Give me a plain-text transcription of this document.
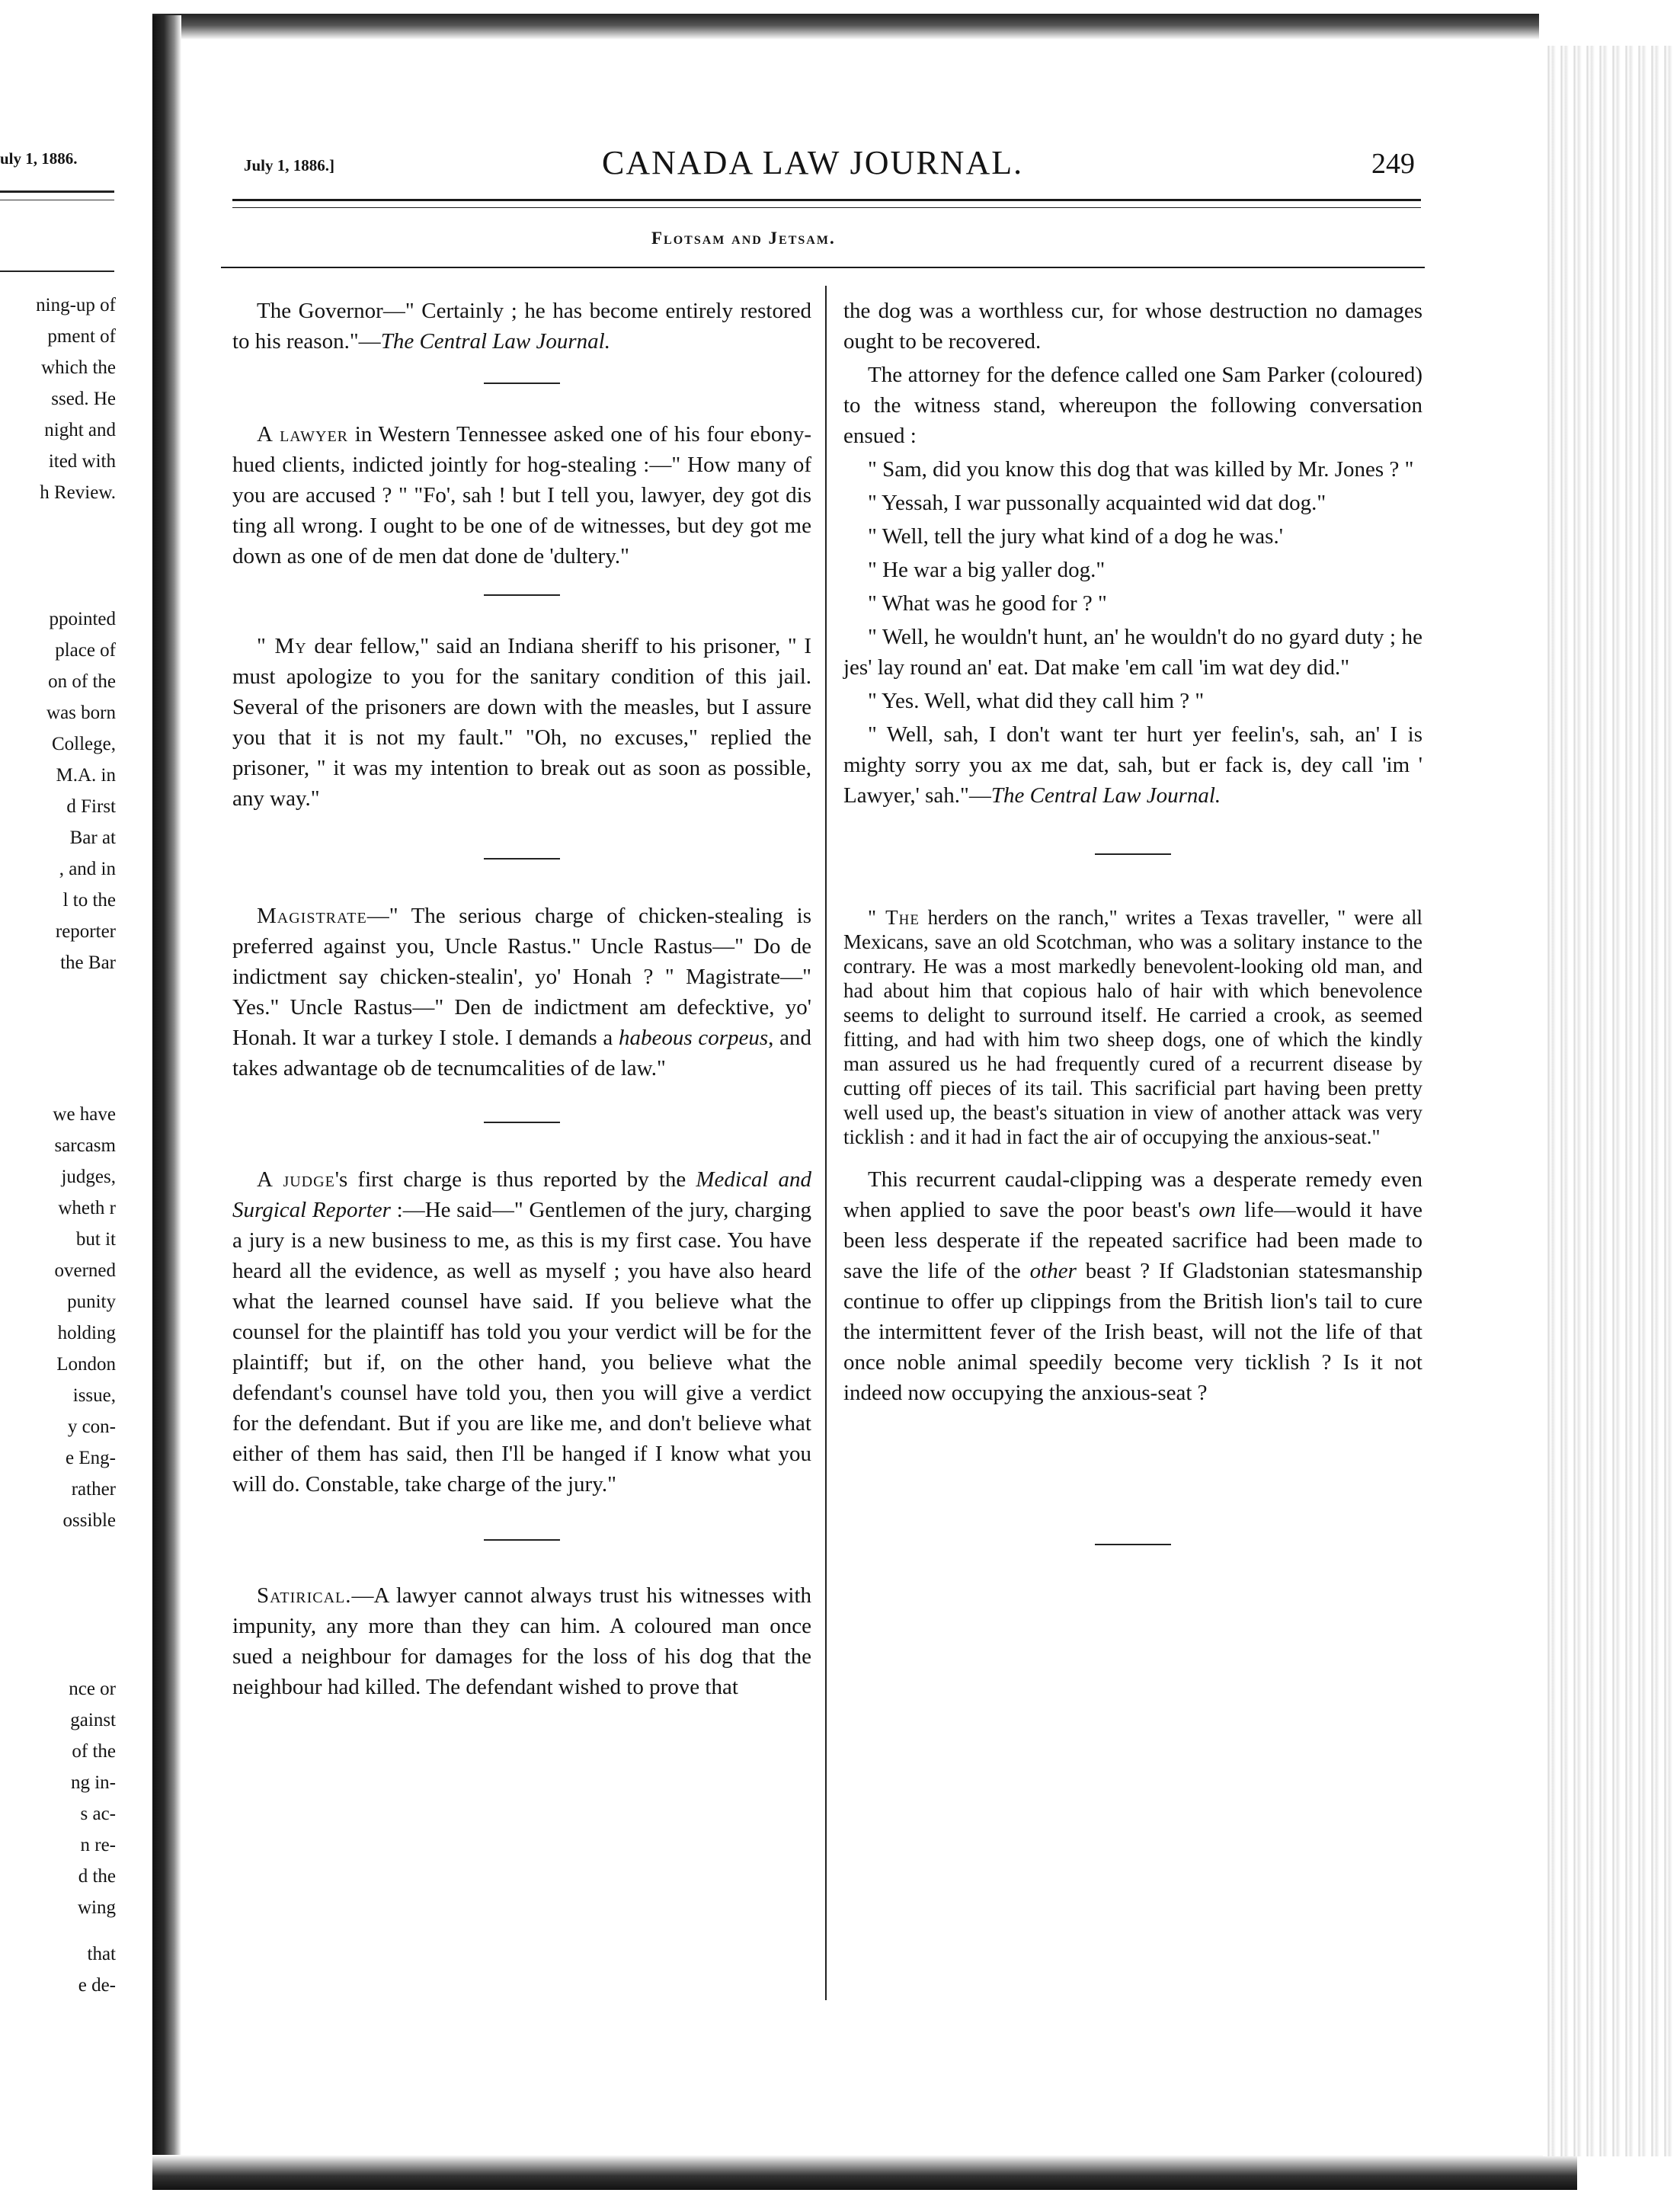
uly 1, 1886.
ning-up of
pment of
which the
ssed. He
night and
ited with
h Review.
ppointed
place of
on of the
was born
College,
M.A. in
d First
Bar at
, and in
l to the
reporter
the Bar
we have
sarcasm
judges,
wheth r
but it
overned
punity
holding
London
issue,
y con-
e Eng-
rather
ossible
nce or
gainst
of the
ng in-
s ac-
n re-
d the
wing
that
e de-
July 1, 1886.]	CANADA LAW JOURNAL.	249
Flotsam and Jetsam.

The Governor—" Certainly ; he has become entirely restored to his reason."—The Central Law Journal.

A lawyer in Western Tennessee asked one of his four ebony-hued clients, indicted jointly for hog-stealing :—" How many of you are accused ? " "Fo', sah ! but I tell you, lawyer, dey got dis ting all wrong. I ought to be one of de witnesses, but dey got me down as one of de men dat done de 'dultery."

" My dear fellow," said an Indiana sheriff to his prisoner, " I must apologize to you for the sanitary condition of this jail. Several of the prisoners are down with the measles, but I assure you that it is not my fault." "Oh, no excuses," replied the prisoner, " it was my intention to break out as soon as possible, any way."

Magistrate—" The serious charge of chicken-stealing is preferred against you, Uncle Rastus." Uncle Rastus—" Do de indictment say chicken-stealin', yo' Honah ? " Magistrate—" Yes." Uncle Rastus—" Den de indictment am defecktive, yo' Honah. It war a turkey I stole. I demands a habeous corpeus, and takes adwantage ob de tecnumcalities of de law."

A judge's first charge is thus reported by the Medical and Surgical Reporter :—He said—" Gentlemen of the jury, charging a jury is a new business to me, as this is my first case. You have heard all the evidence, as well as myself ; you have also heard what the learned counsel have said. If you believe what the counsel for the plaintiff has told you your verdict will be for the plaintiff; but if, on the other hand, you believe what the defendant's counsel have told you, then you will give a verdict for the defendant. But if you are like me, and don't believe what either of them has said, then I'll be hanged if I know what you will do. Constable, take charge of the jury."

Satirical.—A lawyer cannot always trust his witnesses with impunity, any more than they can him. A coloured man once sued a neighbour for damages for the loss of his dog that the neighbour had killed. The defendant wished to prove that

the dog was a worthless cur, for whose destruction no damages ought to be recovered.

The attorney for the defence called one Sam Parker (coloured) to the witness stand, whereupon the following conversation ensued :

" Sam, did you know this dog that was killed by Mr. Jones ? "

" Yessah, I war pussonally acquainted wid dat dog."

" Well, tell the jury what kind of a dog he was.'

" He war a big yaller dog."

" What was he good for ? "

" Well, he wouldn't hunt, an' he wouldn't do no gyard duty ; he jes' lay round an' eat. Dat make 'em call 'im wat dey did."

" Yes. Well, what did they call him ? "

" Well, sah, I don't want ter hurt yer feelin's, sah, an' I is mighty sorry you ax me dat, sah, but er fack is, dey call 'im ' Lawyer,' sah."—The Central Law Journal.

" The herders on the ranch," writes a Texas traveller, " were all Mexicans, save an old Scotchman, who was a solitary instance to the contrary. He was a most markedly benevolent-looking old man, and had about him that copious halo of hair with which benevolence seems to delight to surround itself. He carried a crook, as seemed fitting, and had with him two sheep dogs, one of which the kindly man assured us he had frequently cured of a recurrent disease by cutting off pieces of its tail. This sacrificial part having been pretty well used up, the beast's situation in view of another attack was very ticklish : and it had in fact the air of occupying the anxious-seat."

This recurrent caudal-clipping was a desperate remedy even when applied to save the poor beast's own life—would it have been less desperate if the repeated sacrifice had been made to save the life of the other beast ? If Gladstonian statesmanship continue to offer up clippings from the British lion's tail to cure the intermittent fever of the Irish beast, will not the life of that once noble animal speedily become very ticklish ? Is it not indeed now occupying the anxious-seat ?
